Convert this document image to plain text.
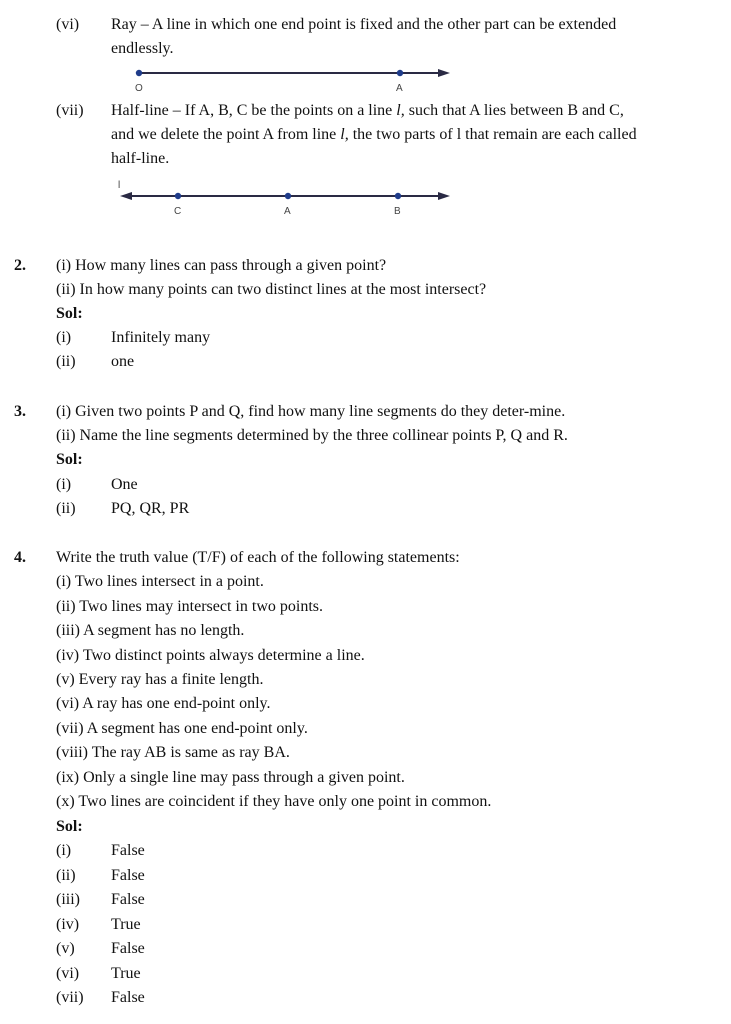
(vi) Ray – A line in which one end point is fixed and the other part can be extended
endlessly.
O	A
(vii) Half-line – If A, B, C be the points on a line l, such that A lies between B and C,
and we delete the point A from line l, the two parts of l that remain are each called
half-line.
l
C	A	B
2. (i) How many lines can pass through a given point?
(ii) In how many points can two distinct lines at the most intersect?
Sol:
(i) Infinitely many
(ii) one
3. (i) Given two points P and Q, find how many line segments do they deter-mine.
(ii) Name the line segments determined by the three collinear points P, Q and R.
Sol:
(i) One
(ii) PQ, QR, PR
4. Write the truth value (T/F) of each of the following statements:
(i) Two lines intersect in a point.
(ii) Two lines may intersect in two points.
(iii) A segment has no length.
(iv) Two distinct points always determine a line.
(v) Every ray has a finite length.
(vi) A ray has one end-point only.
(vii) A segment has one end-point only.
(viii) The ray AB is same as ray BA.
(ix) Only a single line may pass through a given point.
(x) Two lines are coincident if they have only one point in common.
Sol:
(i) False
(ii) False
(iii) False
(iv) True
(v) False
(vi) True
(vii) False
